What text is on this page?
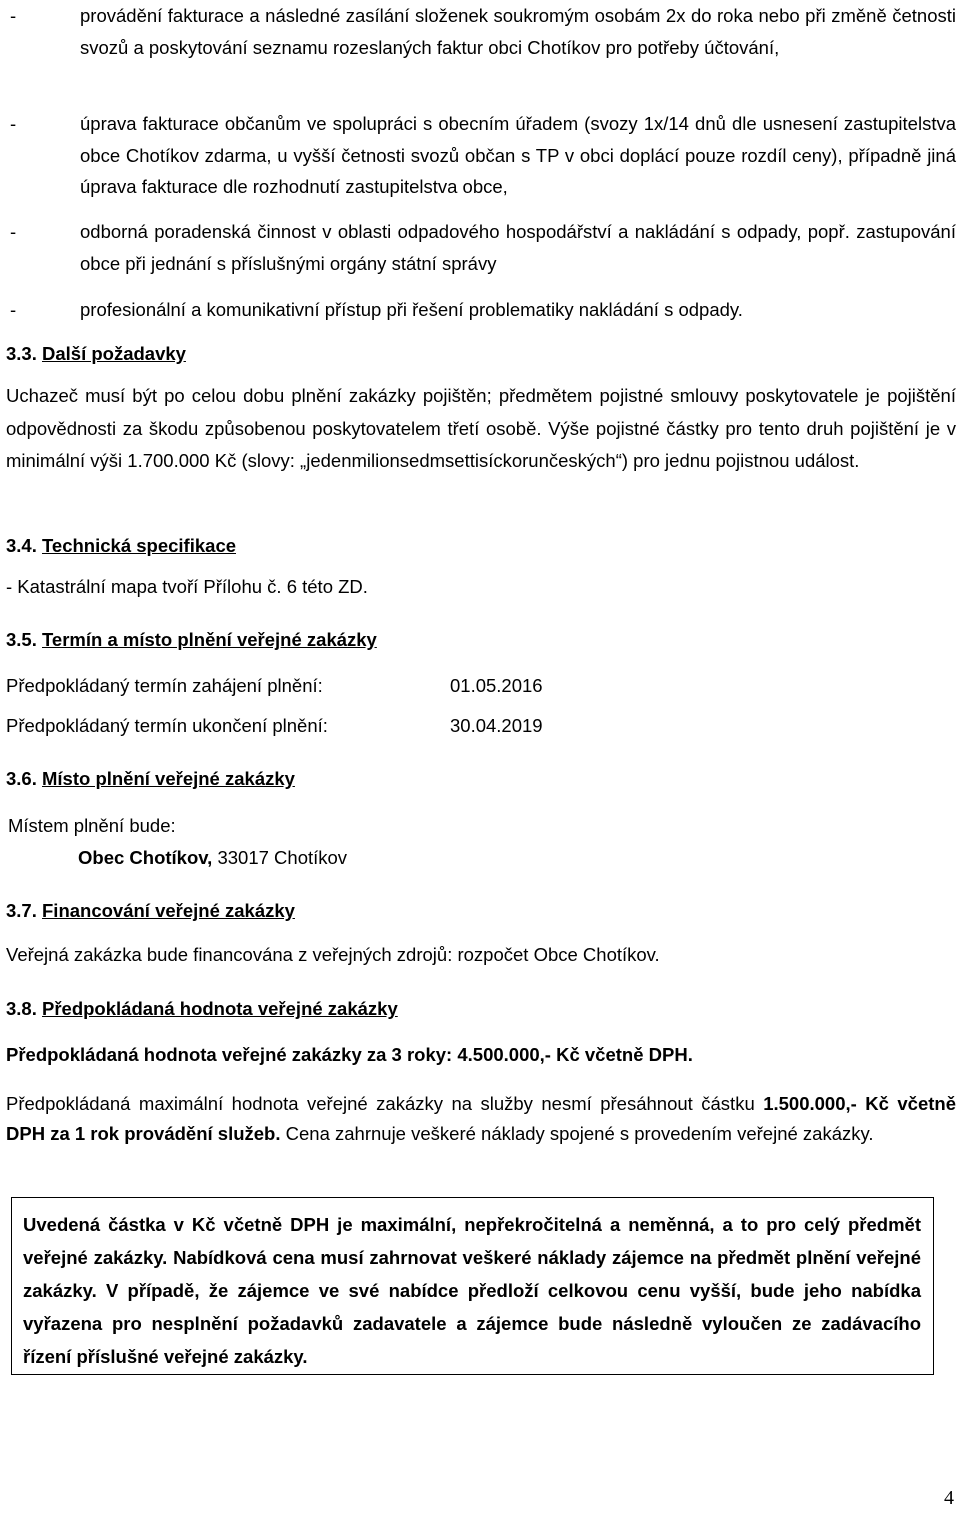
-	provádění fakturace a následné zasílání složenek soukromým osobám 2x do roka nebo při změně četnosti svozů a poskytování seznamu rozeslaných faktur obci Chotíkov pro potřeby účtování,
-	úprava fakturace občanům ve spolupráci s obecním úřadem (svozy 1x/14 dnů dle usnesení zastupitelstva obce Chotíkov zdarma, u vyšší četnosti svozů občan s TP v obci doplácí pouze rozdíl ceny), případně jiná úprava fakturace dle rozhodnutí zastupitelstva obce,
-	odborná poradenská činnost v oblasti odpadového hospodářství a nakládání s odpady, popř. zastupování obce při jednání s příslušnými orgány státní správy
-	profesionální a komunikativní přístup při řešení problematiky nakládání s odpady.
3.3. Další požadavky
Uchazeč musí být po celou dobu plnění zakázky pojištěn; předmětem pojistné smlouvy poskytovatele je pojištění odpovědnosti za škodu způsobenou poskytovatelem třetí osobě. Výše pojistné částky pro tento druh pojištění je v minimální výši 1.700.000 Kč (slovy: „jedenmilionsedmsettisíckorunčeských“) pro jednu pojistnou událost.
3.4. Technická specifikace
- Katastrální mapa tvoří Přílohu č. 6 této ZD.
3.5. Termín a místo plnění veřejné zakázky
Předpokládaný termín zahájení plnění:	01.05.2016
Předpokládaný termín ukončení plnění:	30.04.2019
3.6. Místo plnění veřejné zakázky
Místem plnění bude:
Obec Chotíkov, 33017 Chotíkov
3.7. Financování veřejné zakázky
Veřejná zakázka bude financována z veřejných zdrojů: rozpočet Obce Chotíkov.
3.8. Předpokládaná hodnota veřejné zakázky
Předpokládaná hodnota veřejné zakázky za 3 roky: 4.500.000,- Kč včetně DPH.
Předpokládaná maximální hodnota veřejné zakázky na služby nesmí přesáhnout částku 1.500.000,- Kč včetně DPH za 1 rok provádění služeb. Cena zahrnuje veškeré náklady spojené s provedením veřejné zakázky.
Uvedená částka v Kč včetně DPH je maximální, nepřekročitelná a neměnná, a to pro celý předmět veřejné zakázky. Nabídková cena musí zahrnovat veškeré náklady zájemce na předmět plnění veřejné zakázky. V případě, že zájemce ve své nabídce předloží celkovou cenu vyšší, bude jeho nabídka vyřazena pro nesplnění požadavků zadavatele a zájemce bude následně vyloučen ze zadávacího řízení příslušné veřejné zakázky.
4
